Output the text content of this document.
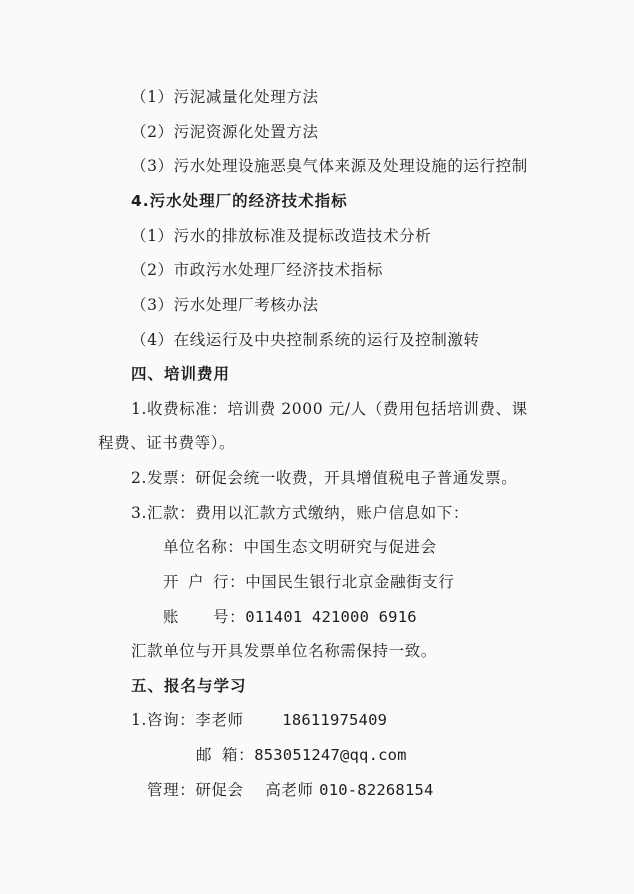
（1）污泥减量化处理方法
（2）污泥资源化处置方法
（3）污水处理设施恶臭气体来源及处理设施的运行控制
4.污水处理厂的经济技术指标
（1）污水的排放标准及提标改造技术分析
（2）市政污水处理厂经济技术指标
（3）污水处理厂考核办法
（4）在线运行及中央控制系统的运行及控制激转
四、培训费用
1.收费标准：培训费 2000 元/人（费用包括培训费、课
程费、证书费等）。
2.发票：研促会统一收费，开具增值税电子普通发票。
3.汇款：费用以汇款方式缴纳，账户信息如下：
单位名称：中国生态文明研究与促进会
开 户 行：中国民生银行北京金融街支行
账 号：011401 421000 6916
汇款单位与开具发票单位名称需保持一致。
五、报名与学习
1.咨询：李老师 18611975409
邮 箱：853051247@qq.com
管理：研促会 高老师 010-82268154
